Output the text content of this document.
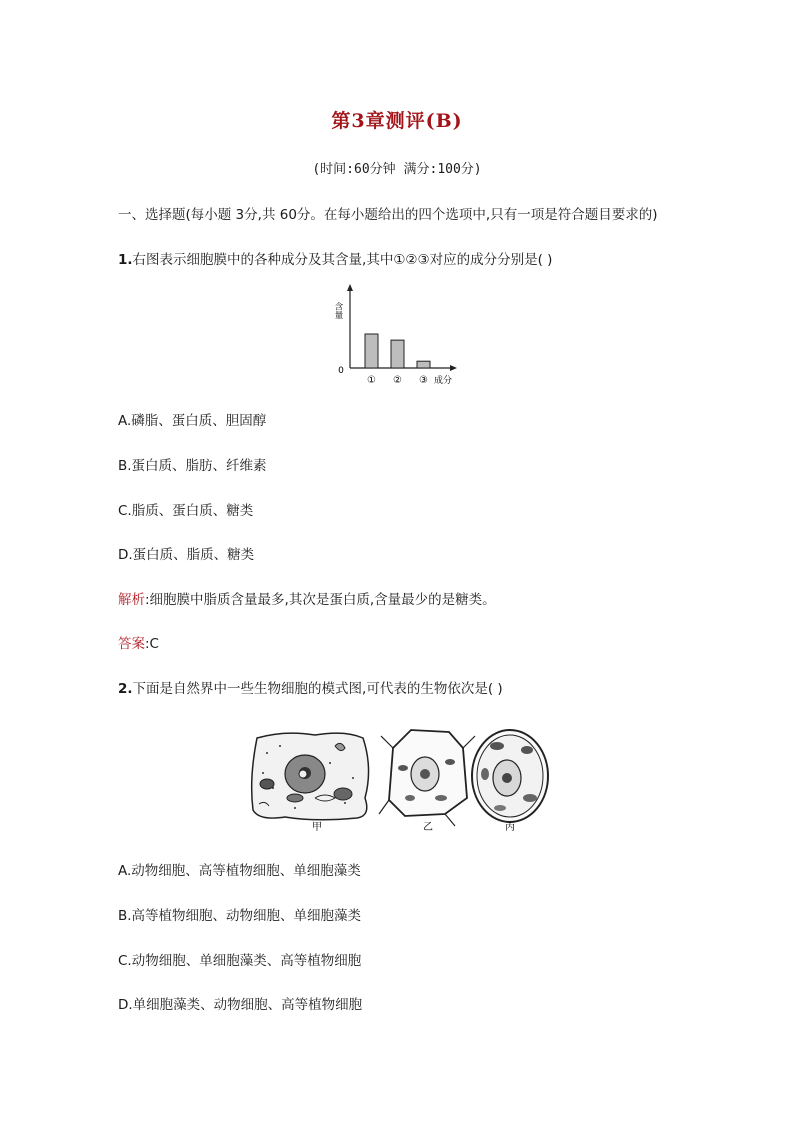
第3章测评(B)
(时间:60分钟 满分:100分)
一、选择题(每小题 3分,共 60分。在每小题给出的四个选项中,只有一项是符合题目要求的)
1.右图表示细胞膜中的各种成分及其含量,其中①②③对应的成分分别是( )
含量
0
① ② ③ 成分
A.磷脂、蛋白质、胆固醇
B.蛋白质、脂肪、纤维素
C.脂质、蛋白质、糖类
D.蛋白质、脂质、糖类
解析:细胞膜中脂质含量最多,其次是蛋白质,含量最少的是糖类。
答案:C
2.下面是自然界中一些生物细胞的模式图,可代表的生物依次是( )
甲	乙	丙
A.动物细胞、高等植物细胞、单细胞藻类
B.高等植物细胞、动物细胞、单细胞藻类
C.动物细胞、单细胞藻类、高等植物细胞
D.单细胞藻类、动物细胞、高等植物细胞
